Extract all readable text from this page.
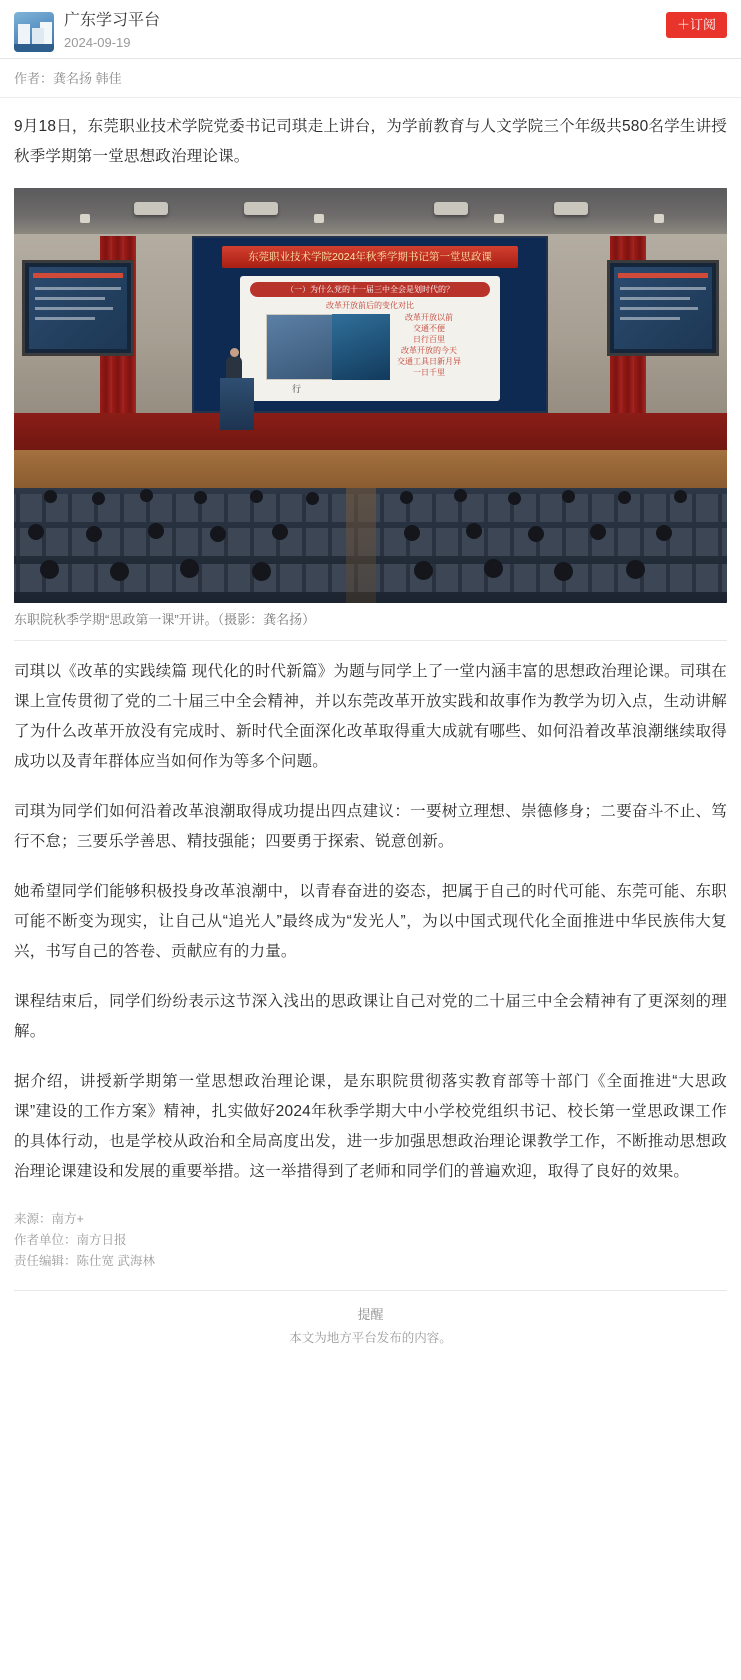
广东学习平台
2024-09-19
＋订阅
作者：龚名扬 韩佳

9月18日，东莞职业技术学院党委书记司琪走上讲台，为学前教育与人文学院三个年级共580名学生讲授秋季学期第一堂思想政治理论课。

东莞职业技术学院2024年秋季学期书记第一堂思政课
（一）为什么党的十一届三中全会是划时代的？
改革开放前后的变化对比
改革开放以前
交通不便
日行百里
改革开放的今天
交通工具日新月异
一日千里
行
东职院秋季学期“思政第一课”开讲。（摄影：龚名扬）

司琪以《改革的实践续篇 现代化的时代新篇》为题与同学上了一堂内涵丰富的思想政治理论课。司琪在课上宣传贯彻了党的二十届三中全会精神，并以东莞改革开放实践和故事作为教学为切入点，生动讲解了为什么改革开放没有完成时、新时代全面深化改革取得重大成就有哪些、如何沿着改革浪潮继续取得成功以及青年群体应当如何作为等多个问题。

司琪为同学们如何沿着改革浪潮取得成功提出四点建议：一要树立理想、崇德修身；二要奋斗不止、笃行不怠；三要乐学善思、精技强能；四要勇于探索、锐意创新。

她希望同学们能够积极投身改革浪潮中，以青春奋进的姿态，把属于自己的时代可能、东莞可能、东职可能不断变为现实，让自己从“追光人”最终成为“发光人”，为以中国式现代化全面推进中华民族伟大复兴，书写自己的答卷、贡献应有的力量。

课程结束后，同学们纷纷表示这节深入浅出的思政课让自己对党的二十届三中全会精神有了更深刻的理解。

据介绍，讲授新学期第一堂思想政治理论课，是东职院贯彻落实教育部等十部门《全面推进“大思政课”建设的工作方案》精神，扎实做好2024年秋季学期大中小学校党组织书记、校长第一堂思政课工作的具体行动，也是学校从政治和全局高度出发，进一步加强思想政治理论课教学工作，不断推动思想政治理论课建设和发展的重要举措。这一举措得到了老师和同学们的普遍欢迎，取得了良好的效果。

来源：南方+
作者单位：南方日报
责任编辑：陈仕宽 武海林
提醒
本文为地方平台发布的内容。
